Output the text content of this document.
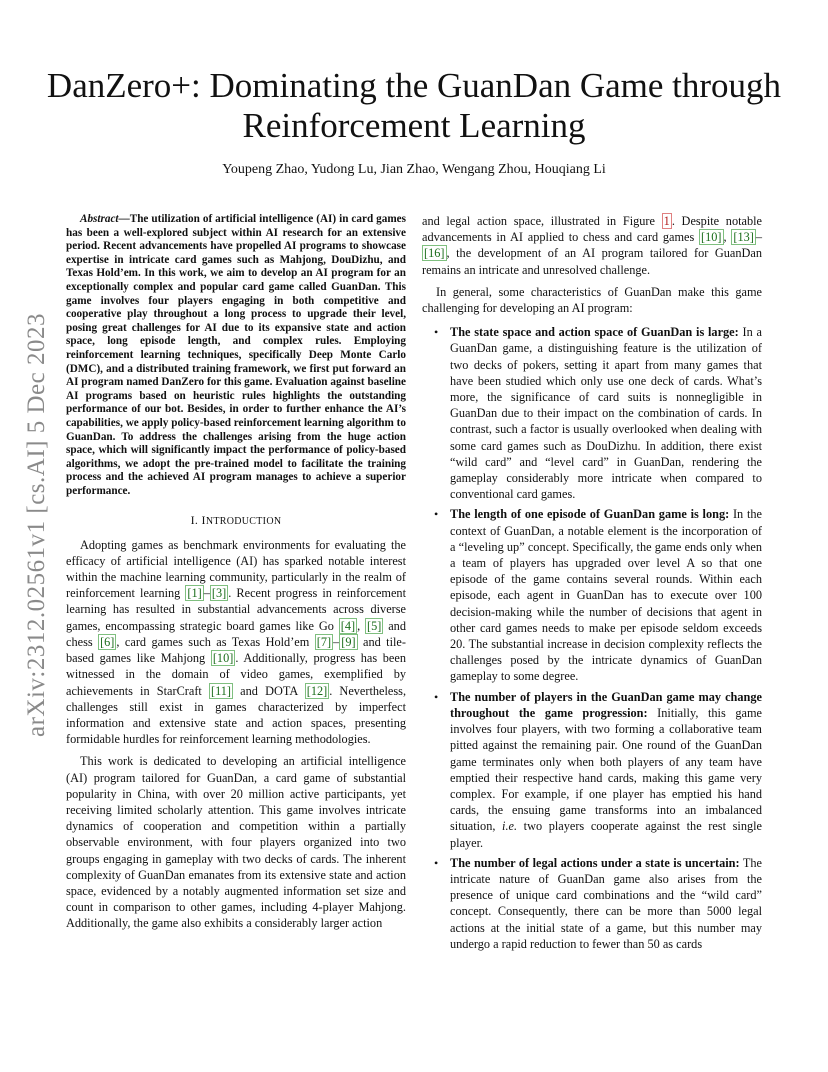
arXiv:2312.02561v1 [cs.AI] 5 Dec 2023
DanZero+: Dominating the GuanDan Game through Reinforcement Learning
Youpeng Zhao, Yudong Lu, Jian Zhao, Wengang Zhou, Houqiang Li

Abstract—The utilization of artificial intelligence (AI) in card games has been a well-explored subject within AI research for an extensive period. Recent advancements have propelled AI programs to showcase expertise in intricate card games such as Mahjong, DouDizhu, and Texas Hold’em. In this work, we aim to develop an AI program for an exceptionally complex and popular card game called GuanDan. This game involves four players engaging in both competitive and cooperative play throughout a long process to upgrade their level, posing great challenges for AI due to its expansive state and action space, long episode length, and complex rules. Employing reinforcement learning techniques, specifically Deep Monte Carlo (DMC), and a distributed training framework, we first put forward an AI program named DanZero for this game. Evaluation against baseline AI programs based on heuristic rules highlights the outstanding performance of our bot. Besides, in order to further enhance the AI’s capabilities, we apply policy-based reinforcement learning algorithm to GuanDan. To address the challenges arising from the huge action space, which will significantly impact the performance of policy-based algorithms, we adopt the pre-trained model to facilitate the training process and the achieved AI program manages to achieve a superior performance.

I. INTRODUCTION

Adopting games as benchmark environments for evaluating the efficacy of artificial intelligence (AI) has sparked notable interest within the machine learning community, particularly in the realm of reinforcement learning [1] – [3] . Recent progress in reinforcement learning has resulted in substantial advancements across diverse games, encompassing strategic board games like Go [4] , [5] and chess [6] , card games such as Texas Hold’em [7] – [9] and tile-based games like Mahjong [10] . Additionally, progress has been witnessed in the domain of video games, exemplified by achievements in StarCraft [11] and DOTA [12] . Nevertheless, challenges still exist in games characterized by imperfect information and extensive state and action spaces, presenting formidable hurdles for reinforcement learning methodologies.

This work is dedicated to developing an artificial intelligence (AI) program tailored for GuanDan, a card game of substantial popularity in China, with over 20 million active participants, yet receiving limited scholarly attention. This game involves intricate dynamics of cooperation and competition within a partially observable environment, with four players organized into two groups engaging in gameplay with two decks of cards. The inherent complexity of GuanDan emanates from its extensive state and action space, evidenced by a notably augmented information set size and count in comparison to other games, including 4-player Mahjong. Additionally, the game also exhibits a considerably larger action

and legal action space, illustrated in Figure 1 . Despite notable advancements in AI applied to chess and card games [10] , [13] –[16] , the development of an AI program tailored for GuanDan remains an intricate and unresolved challenge.

In general, some characteristics of GuanDan make this game challenging for developing an AI program:

• The state space and action space of GuanDan is large: In a GuanDan game, a distinguishing feature is the utilization of two decks of pokers, setting it apart from many games that have been studied which only use one deck of cards. What’s more, the significance of card suits is nonnegligible in GuanDan due to their impact on the combination of cards. In contrast, such a factor is usually overlooked when dealing with some card games such as DouDizhu. In addition, there exist “wild card” and “level card” in GuanDan, rendering the gameplay considerably more intricate when compared to conventional card games.
• The length of one episode of GuanDan game is long: In the context of GuanDan, a notable element is the incorporation of a “leveling up” concept. Specifically, the game ends only when a team of players has upgraded over level A so that one episode of the game contains several rounds. Within each episode, each agent in GuanDan has to execute over 100 decision-making while the number of decisions that agent in other card games needs to make per episode seldom exceeds 20. The substantial increase in decision complexity reflects the challenges posed by the intricate dynamics of GuanDan gameplay to some degree.
• The number of players in the GuanDan game may change throughout the game progression: Initially, this game involves four players, with two forming a collaborative team pitted against the remaining pair. One round of the GuanDan game terminates only when both players of any team have emptied their respective hand cards, making this game very complex. For example, if one player has emptied his hand cards, the ensuing game transforms into an imbalanced situation, i.e. two players cooperate against the rest single player.
• The number of legal actions under a state is uncertain: The intricate nature of GuanDan game also arises from the presence of unique card combinations and the “wild card” concept. Consequently, there can be more than 5000 legal actions at the initial state of a game, but this number may undergo a rapid reduction to fewer than 50 as cards
